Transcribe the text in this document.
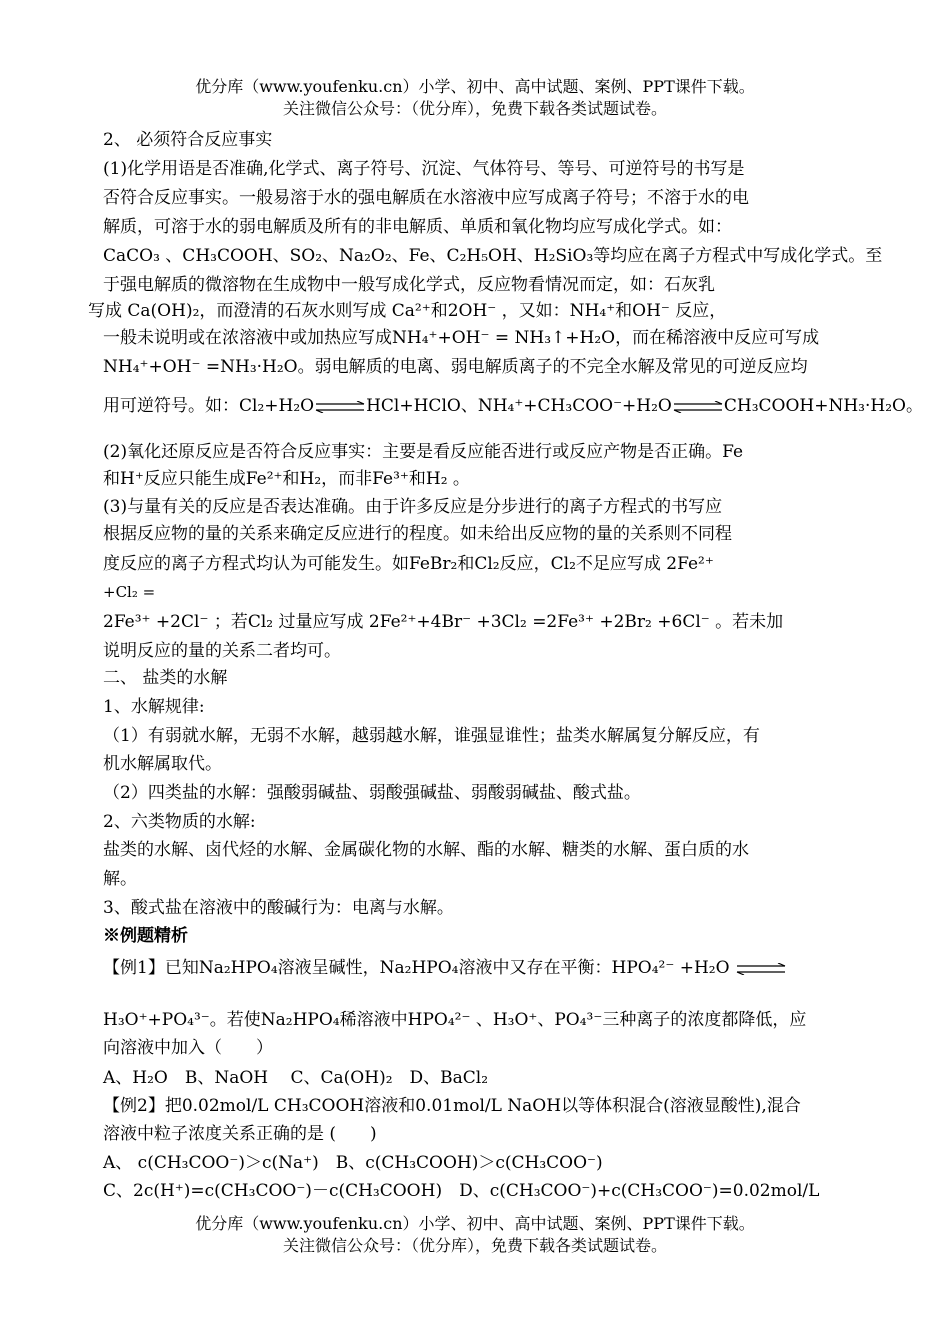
优分库（www.youfenku.cn）小学、初中、高中试题、案例、PPT课件下载。
关注微信公众号：（优分库），免费下载各类试题试卷。
2、 必须符合反应事实
(1)化学用语是否准确,化学式、离子符号、沉淀、气体符号、等号、可逆符号的书写是
否符合反应事实。一般易溶于水的强电解质在水溶液中应写成离子符号；不溶于水的电
解质，可溶于水的弱电解质及所有的非电解质、单质和氧化物均应写成化学式。如：
CaCO₃ 、CH₃COOH、SO₂、Na₂O₂、Fe、C₂H₅OH、H₂SiO₃等均应在离子方程式中写成化学式。至
于强电解质的微溶物在生成物中一般写成化学式，反应物看情况而定，如：石灰乳
写成 Ca(OH)₂，而澄清的石灰水则写成 Ca²⁺和2OH⁻ ，又如：NH₄⁺和OH⁻ 反应，
一般未说明或在浓溶液中或加热应写成NH₄⁺+OH⁻ = NH₃↑+H₂O，而在稀溶液中反应可写成
NH₄⁺+OH⁻ =NH₃·H₂O。弱电解质的电离、弱电解质离子的不完全水解及常见的可逆反应均
用可逆符号。如：Cl₂+H₂O⇌HCl+HClO、NH₄⁺+CH₃COO⁻+H₂O⇌CH₃COOH+NH₃·H₂O。
(2)氧化还原反应是否符合反应事实：主要是看反应能否进行或反应产物是否正确。Fe
和H⁺反应只能生成Fe²⁺和H₂，而非Fe³⁺和H₂ 。
(3)与量有关的反应是否表达准确。由于许多反应是分步进行的离子方程式的书写应
根据反应物的量的关系来确定反应进行的程度。如未给出反应物的量的关系则不同程
度反应的离子方程式均认为可能发生。如FeBr₂和Cl₂反应，Cl₂不足应写成 2Fe²⁺
+Cl₂ =
2Fe³⁺ +2Cl⁻ ；若Cl₂ 过量应写成 2Fe²⁺+4Br⁻ +3Cl₂ =2Fe³⁺ +2Br₂ +6Cl⁻ 。若未加
说明反应的量的关系二者均可。
二、 盐类的水解
1、水解规律:
（1）有弱就水解，无弱不水解，越弱越水解，谁强显谁性；盐类水解属复分解反应，有
机水解属取代。
（2）四类盐的水解：强酸弱碱盐、弱酸强碱盐、弱酸弱碱盐、酸式盐。
2、六类物质的水解:
盐类的水解、卤代烃的水解、金属碳化物的水解、酯的水解、糖类的水解、蛋白质的水
解。
3、酸式盐在溶液中的酸碱行为：电离与水解。
※例题精析
【例1】已知Na₂HPO₄溶液呈碱性，Na₂HPO₄溶液中又存在平衡：HPO₄²⁻ +H₂O ⇌
H₃O⁺+PO₄³⁻。若使Na₂HPO₄稀溶液中HPO₄²⁻ 、H₃O⁺、PO₄³⁻三种离子的浓度都降低，应
向溶液中加入（　　）
A、H₂O　B、NaOH　 C、Ca(OH)₂　D、BaCl₂
【例2】把0.02mol/L CH₃COOH溶液和0.01mol/L NaOH以等体积混合(溶液显酸性),混合
溶液中粒子浓度关系正确的是 (　　)
A、 c(CH₃COO⁻)＞c(Na⁺)　B、c(CH₃COOH)＞c(CH₃COO⁻)
C、2c(H⁺)=c(CH₃COO⁻)－c(CH₃COOH)　D、c(CH₃COO⁻)+c(CH₃COO⁻)=0.02mol/L
优分库（www.youfenku.cn）小学、初中、高中试题、案例、PPT课件下载。
关注微信公众号：（优分库），免费下载各类试题试卷。
